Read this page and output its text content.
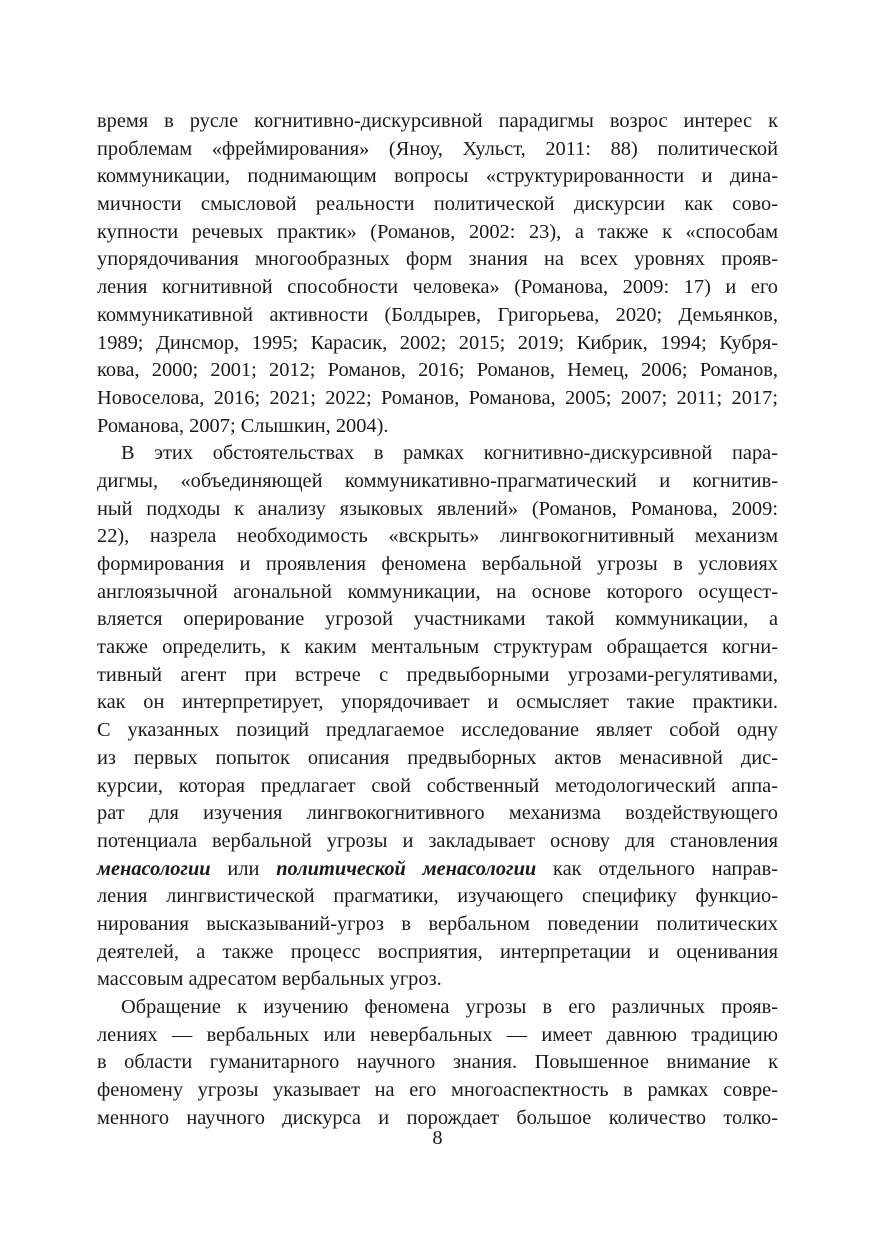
время в русле когнитивно-дискурсивной парадигмы возрос интерес к
проблемам «фреймирования» (Яноу, Хульст, 2011: 88) политической
коммуникации, поднимающим вопросы «структурированности и дина-
мичности смысловой реальности политической дискурсии как сово-
купности речевых практик» (Романов, 2002: 23), а также к «способам
упорядочивания многообразных форм знания на всех уровнях прояв-
ления когнитивной способности человека» (Романова, 2009: 17) и его
коммуникативной активности (Болдырев, Григорьева, 2020; Демьянков,
1989; Динсмор, 1995; Карасик, 2002; 2015; 2019; Кибрик, 1994; Кубря-
кова, 2000; 2001; 2012; Романов, 2016; Романов, Немец, 2006; Романов,
Новоселова, 2016; 2021; 2022; Романов, Романова, 2005; 2007; 2011; 2017;
Романова, 2007; Слышкин, 2004).
В этих обстоятельствах в рамках когнитивно-дискурсивной пара-
дигмы, «объединяющей коммуникативно-прагматический и когнитив-
ный подходы к анализу языковых явлений» (Романов, Романова, 2009:
22), назрела необходимость «вскрыть» лингвокогнитивный механизм
формирования и проявления феномена вербальной угрозы в условиях
англоязычной агональной коммуникации, на основе которого осущест-
вляется оперирование угрозой участниками такой коммуникации, а
также определить, к каким ментальным структурам обращается когни-
тивный агент при встрече с предвыборными угрозами-регулятивами,
как он интерпретирует, упорядочивает и осмысляет такие практики.
С указанных позиций предлагаемое исследование являет собой одну
из первых попыток описания предвыборных актов менасивной дис-
курсии, которая предлагает свой собственный методологический аппа-
рат для изучения лингвокогнитивного механизма воздействующего
потенциала вербальной угрозы и закладывает основу для становления
менасологии или политической менасологии как отдельного направ-
ления лингвистической прагматики, изучающего специфику функцио-
нирования высказываний-угроз в вербальном поведении политических
деятелей, а также процесс восприятия, интерпретации и оценивания
массовым адресатом вербальных угроз.
Обращение к изучению феномена угрозы в его различных прояв-
лениях — вербальных или невербальных — имеет давнюю традицию
в области гуманитарного научного знания. Повышенное внимание к
феномену угрозы указывает на его многоаспектность в рамках совре-
менного научного дискурса и порождает большое количество толко-
8
